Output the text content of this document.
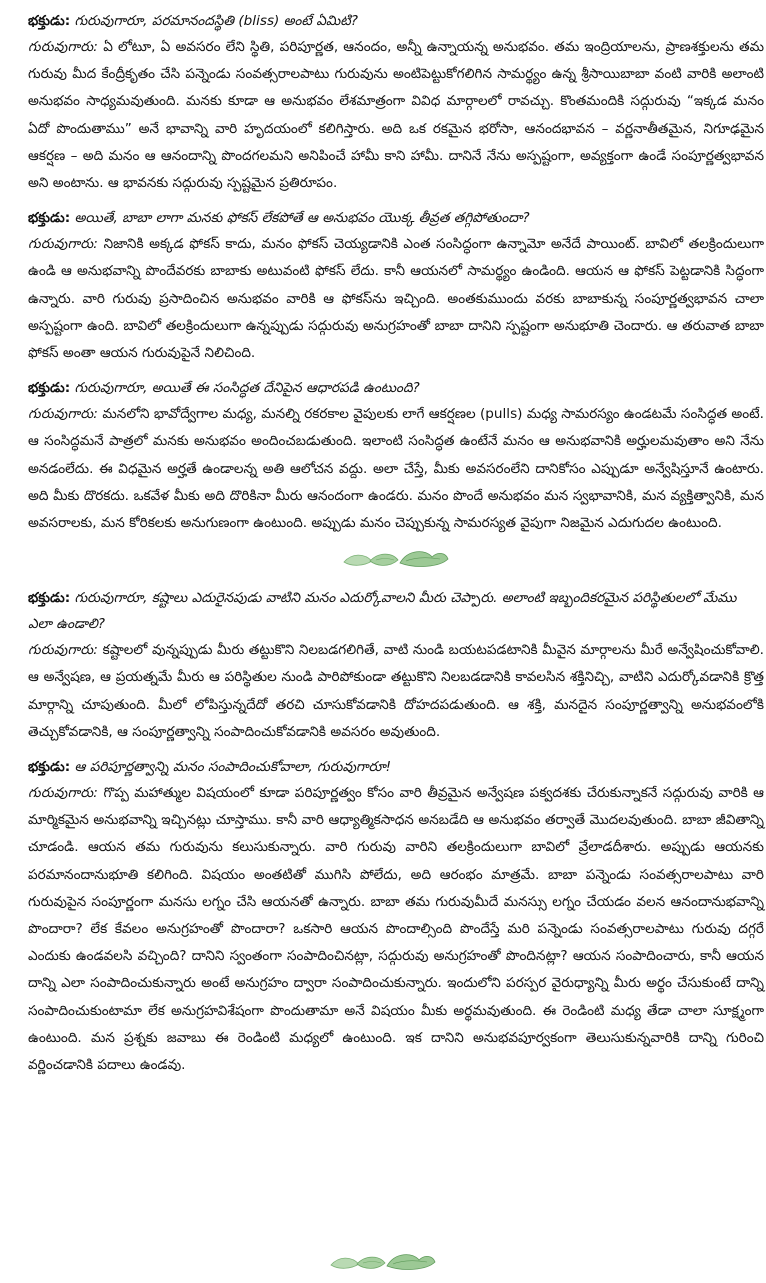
భక్తుడు: గురువుగారూ, పరమానందస్థితి (bliss) అంటే ఏమిటి?

గురువుగారు: ఏ లోటూ, ఏ అవసరం లేని స్థితి, పరిపూర్ణత, ఆనందం, అన్నీ ఉన్నాయన్న అనుభవం. తమ ఇంద్రియాలను, ప్రాణశక్తులను తమ గురువు మీద కేంద్రీకృతం చేసి పన్నెండు సంవత్సరాలపాటు గురువును అంటిపెట్టుకోగలిగిన సామర్థ్యం ఉన్న శ్రీసాయిబాబా వంటి వారికి అలాంటి అనుభవం సాధ్యమవుతుంది. మనకు కూడా ఆ అనుభవం లేశమాత్రంగా వివిధ మార్గాలలో రావచ్చు. కొంతమందికి సద్గురువు “ఇక్కడ మనం ఏదో పొందుతాము” అనే భావాన్ని వారి హృదయంలో కలిగిస్తారు. అది ఒక రకమైన భరోసా, ఆనందభావన – వర్ణనాతీతమైన, నిగూఢమైన ఆకర్షణ – అది మనం ఆ ఆనందాన్ని పొందగలమని అనిపించే హామీ కాని హామీ. దానినే నేను అస్పష్టంగా, అవ్యక్తంగా ఉండే సంపూర్ణత్వభావన అని అంటాను. ఆ భావనకు సద్గురువు స్పష్టమైన ప్రతిరూపం.

భక్తుడు: అయితే, బాబా లాగా మనకు ఫోకస్ లేకపోతే ఆ అనుభవం యొక్క తీవ్రత తగ్గిపోతుందా?

గురువుగారు: నిజానికి అక్కడ ఫోకస్ కాదు, మనం ఫోకస్ చెయ్యడానికి ఎంత సంసిద్ధంగా ఉన్నామో అనేదే పాయింట్. బావిలో తలక్రిందులుగా ఉండి ఆ అనుభవాన్ని పొందేవరకు బాబాకు అటువంటి ఫోకస్ లేదు. కానీ ఆయనలో సామర్థ్యం ఉండింది. ఆయన ఆ ఫోకస్ పెట్టడానికి సిద్ధంగా ఉన్నారు. వారి గురువు ప్రసాదించిన అనుభవం వారికి ఆ ఫోకస్‌ను ఇచ్చింది. అంతకుముందు వరకు బాబాకున్న సంపూర్ణత్వభావన చాలా అస్పష్టంగా ఉంది. బావిలో తలక్రిందులుగా ఉన్నప్పుడు సద్గురువు అనుగ్రహంతో బాబా దానిని స్పష్టంగా అనుభూతి చెందారు. ఆ తరువాత బాబా ఫోకస్ అంతా ఆయన గురువుపైనే నిలిచింది.

భక్తుడు: గురువుగారూ, అయితే ఈ సంసిద్ధత దేనిపైన ఆధారపడి ఉంటుంది?

గురువుగారు: మనలోని భావోద్వేగాల మధ్య, మనల్ని రకరకాల వైపులకు లాగే ఆకర్షణల (pulls) మధ్య సామరస్యం ఉండటమే సంసిద్ధత అంటే. ఆ సంసిద్ధమనే పాత్రలో మనకు అనుభవం అందించబడుతుంది. ఇలాంటి సంసిద్ధత ఉంటేనే మనం ఆ అనుభవానికి అర్హులమవుతాం అని నేను అనడంలేదు. ఈ విధమైన అర్హతే ఉండాలన్న అతి ఆలోచన వద్దు. అలా చేస్తే, మీకు అవసరంలేని దానికోసం ఎప్పుడూ అన్వేషిస్తూనే ఉంటారు. అది మీకు దొరకదు. ఒకవేళ మీకు అది దొరికినా మీరు ఆనందంగా ఉండరు. మనం పొందే అనుభవం మన స్వభావానికి, మన వ్యక్తిత్వానికి, మన అవసరాలకు, మన కోరికలకు అనుగుణంగా ఉంటుంది. అప్పుడు మనం చెప్పుకున్న సామరస్యత వైపుగా నిజమైన ఎదుగుదల ఉంటుంది.

భక్తుడు: గురువుగారూ, కష్టాలు ఎదురైనపుడు వాటిని మనం ఎదుర్కోవాలని మీరు చెప్పారు. అలాంటి ఇబ్బందికరమైన పరిస్థితులలో మేము ఎలా ఉండాలి?

గురువుగారు: కష్టాలలో వున్నప్పుడు మీరు తట్టుకొని నిలబడగలిగితే, వాటి నుండి బయటపడటానికి మీవైన మార్గాలను మీరే అన్వేషించుకోవాలి. ఆ అన్వేషణ, ఆ ప్రయత్నమే మీరు ఆ పరిస్థితుల నుండి పారిపోకుండా తట్టుకొని నిలబడడానికి కావలసిన శక్తినిచ్చి, వాటిని ఎదుర్కోవడానికి క్రొత్త మార్గాన్ని చూపుతుంది. మీలో లోపిస్తున్నదేదో తరచి చూసుకోవడానికి దోహదపడుతుంది. ఆ శక్తి, మనదైన సంపూర్ణత్వాన్ని అనుభవంలోకి తెచ్చుకోవడానికి, ఆ సంపూర్ణత్వాన్ని సంపాదించుకోవడానికి అవసరం అవుతుంది.

భక్తుడు: ఆ పరిపూర్ణత్వాన్ని మనం సంపాదించుకోవాలా, గురువుగారూ!

గురువుగారు: గొప్ప మహాత్ముల విషయంలో కూడా పరిపూర్ణత్వం కోసం వారి తీవ్రమైన అన్వేషణ పక్వదశకు చేరుకున్నాకనే సద్గురువు వారికి ఆ మార్మికమైన అనుభవాన్ని ఇచ్చినట్లు చూస్తాము. కానీ వారి ఆధ్యాత్మికసాధన అనబడేది ఆ అనుభవం తర్వాతే మొదలవుతుంది. బాబా జీవితాన్ని చూడండి. ఆయన తమ గురువును కలుసుకున్నారు. వారి గురువు వారిని తలక్రిందులుగా బావిలో వ్రేలాడదీశారు. అప్పుడు ఆయనకు పరమానందానుభూతి కలిగింది. విషయం అంతటితో ముగిసి పోలేదు, అది ఆరంభం మాత్రమే. బాబా పన్నెండు సంవత్సరాలపాటు వారి గురువుపైన సంపూర్ణంగా మనసు లగ్నం చేసి ఆయనతో ఉన్నారు. బాబా తమ గురువుమీదే మనస్సు లగ్నం చేయడం వలన ఆనందానుభవాన్ని పొందారా? లేక కేవలం అనుగ్రహంతో పొందారా? ఒకసారి ఆయన పొందాల్సింది పొందేస్తే మరి పన్నెండు సంవత్సరాలపాటు గురువు దగ్గరే ఎందుకు ఉండవలసి వచ్చింది? దానిని స్వంతంగా సంపాదించినట్లా, సద్గురువు అనుగ్రహంతో పొందినట్లా? ఆయన సంపాదించారు, కానీ ఆయన దాన్ని ఎలా సంపాదించుకున్నారు అంటే అనుగ్రహం ద్వారా సంపాదించుకున్నారు. ఇందులోని పరస్పర వైరుధ్యాన్ని మీరు అర్థం చేసుకుంటే దాన్ని సంపాదించుకుంటామా లేక అనుగ్రహవిశేషంగా పొందుతామా అనే విషయం మీకు అర్థమవుతుంది. ఈ రెండింటి మధ్య తేడా చాలా సూక్ష్మంగా ఉంటుంది. మన ప్రశ్నకు జవాబు ఈ రెండింటి మధ్యలో ఉంటుంది. ఇక దానిని అనుభవపూర్వకంగా తెలుసుకున్నవారికి దాన్ని గురించి వర్ణించడానికి పదాలు ఉండవు.
